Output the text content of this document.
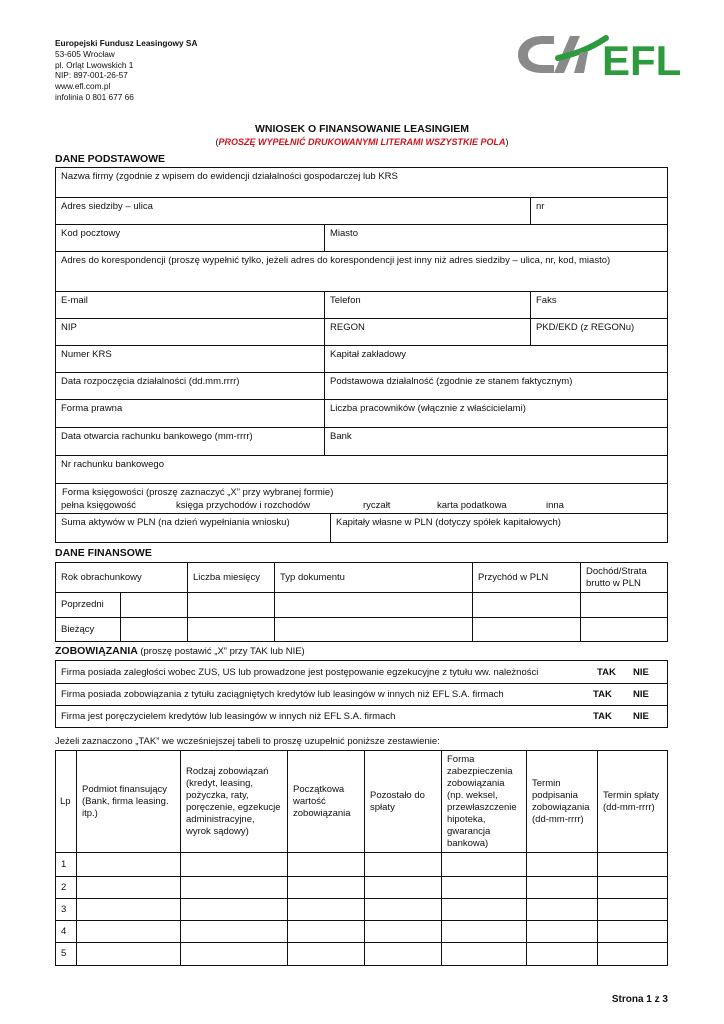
Europejski Fundusz Leasingowy SA
53-605 Wrocław
pl. Orląt Lwowskich 1
NIP: 897-001-26-57
www.efl.com.pl
infolinia 0 801 677 66
EFL
WNIOSEK O FINANSOWANIE LEASINGIEM
(PROSZĘ WYPEŁNIĆ DRUKOWANYMI LITERAMI WSZYSTKIE POLA)
DANE PODSTAWOWE
Nazwa firmy (zgodnie z wpisem do ewidencji działalności gospodarczej lub KRS
Adres siedziby – ulica	nr
Kod pocztowy	Miasto
Adres do korespondencji (proszę wypełnić tylko, jeżeli adres do korespondencji jest inny niż adres siedziby – ulica, nr, kod, miasto)
E-mail	Telefon	Faks
NIP	REGON	PKD/EKD (z REGONu)
Numer KRS	Kapitał zakładowy
Data rozpoczęcia działalności (dd.mm.rrrr)	Podstawowa działalność (zgodnie ze stanem faktycznym)
Forma prawna	Liczba pracowników (włącznie z właścicielami)
Data otwarcia rachunku bankowego (mm-rrrr)	Bank
Nr rachunku bankowego
Forma księgowości (proszę zaznaczyć „X” przy wybranej formie)
pełna księgowość	księga przychodów i rozchodów	ryczałt	karta podatkowa	inna
Suma aktywów w PLN (na dzień wypełniania wniosku)	Kapitały własne w PLN (dotyczy spółek kapitałowych)
DANE FINANSOWE
Rok obrachunkowy		Liczba miesięcy	Typ dokumentu	Przychód w PLN	Dochód/Strata brutto w PLN
Poprzedni					
Bieżący					
ZOBOWIĄZANIA (proszę postawić „X” przy TAK lub NIE)
Firma posiada zaległości wobec ZUS, US lub prowadzone jest postępowanie egzekucyjne z tytułu ww. należności	TAK	NIE
Firma posiada zobowiązania z tytułu zaciągniętych kredytów lub leasingów w innych niż EFL S.A. firmach	TAK	NIE
Firma jest poręczycielem kredytów lub leasingów w innych niż EFL S.A. firmach	TAK	NIE
Jeżeli zaznaczono „TAK” we wcześniejszej tabeli to proszę uzupełnić poniższe zestawienie:
Lp	Podmiot finansujący (Bank, firma leasing. itp.)	Rodzaj zobowiązań (kredyt, leasing, pożyczka, raty, poręczenie, egzekucje administracyjne, wyrok sądowy)	Początkowa wartość zobowiązania	Pozostało do spłaty	Forma zabezpieczenia zobowiązania (np. weksel, przewłaszczenie hipoteka, gwarancja bankowa)	Termin podpisania zobowiązania (dd-mm-rrrr)	Termin spłaty (dd-mm-rrrr)
1							
2							
3							
4							
5							
Strona 1 z 3
